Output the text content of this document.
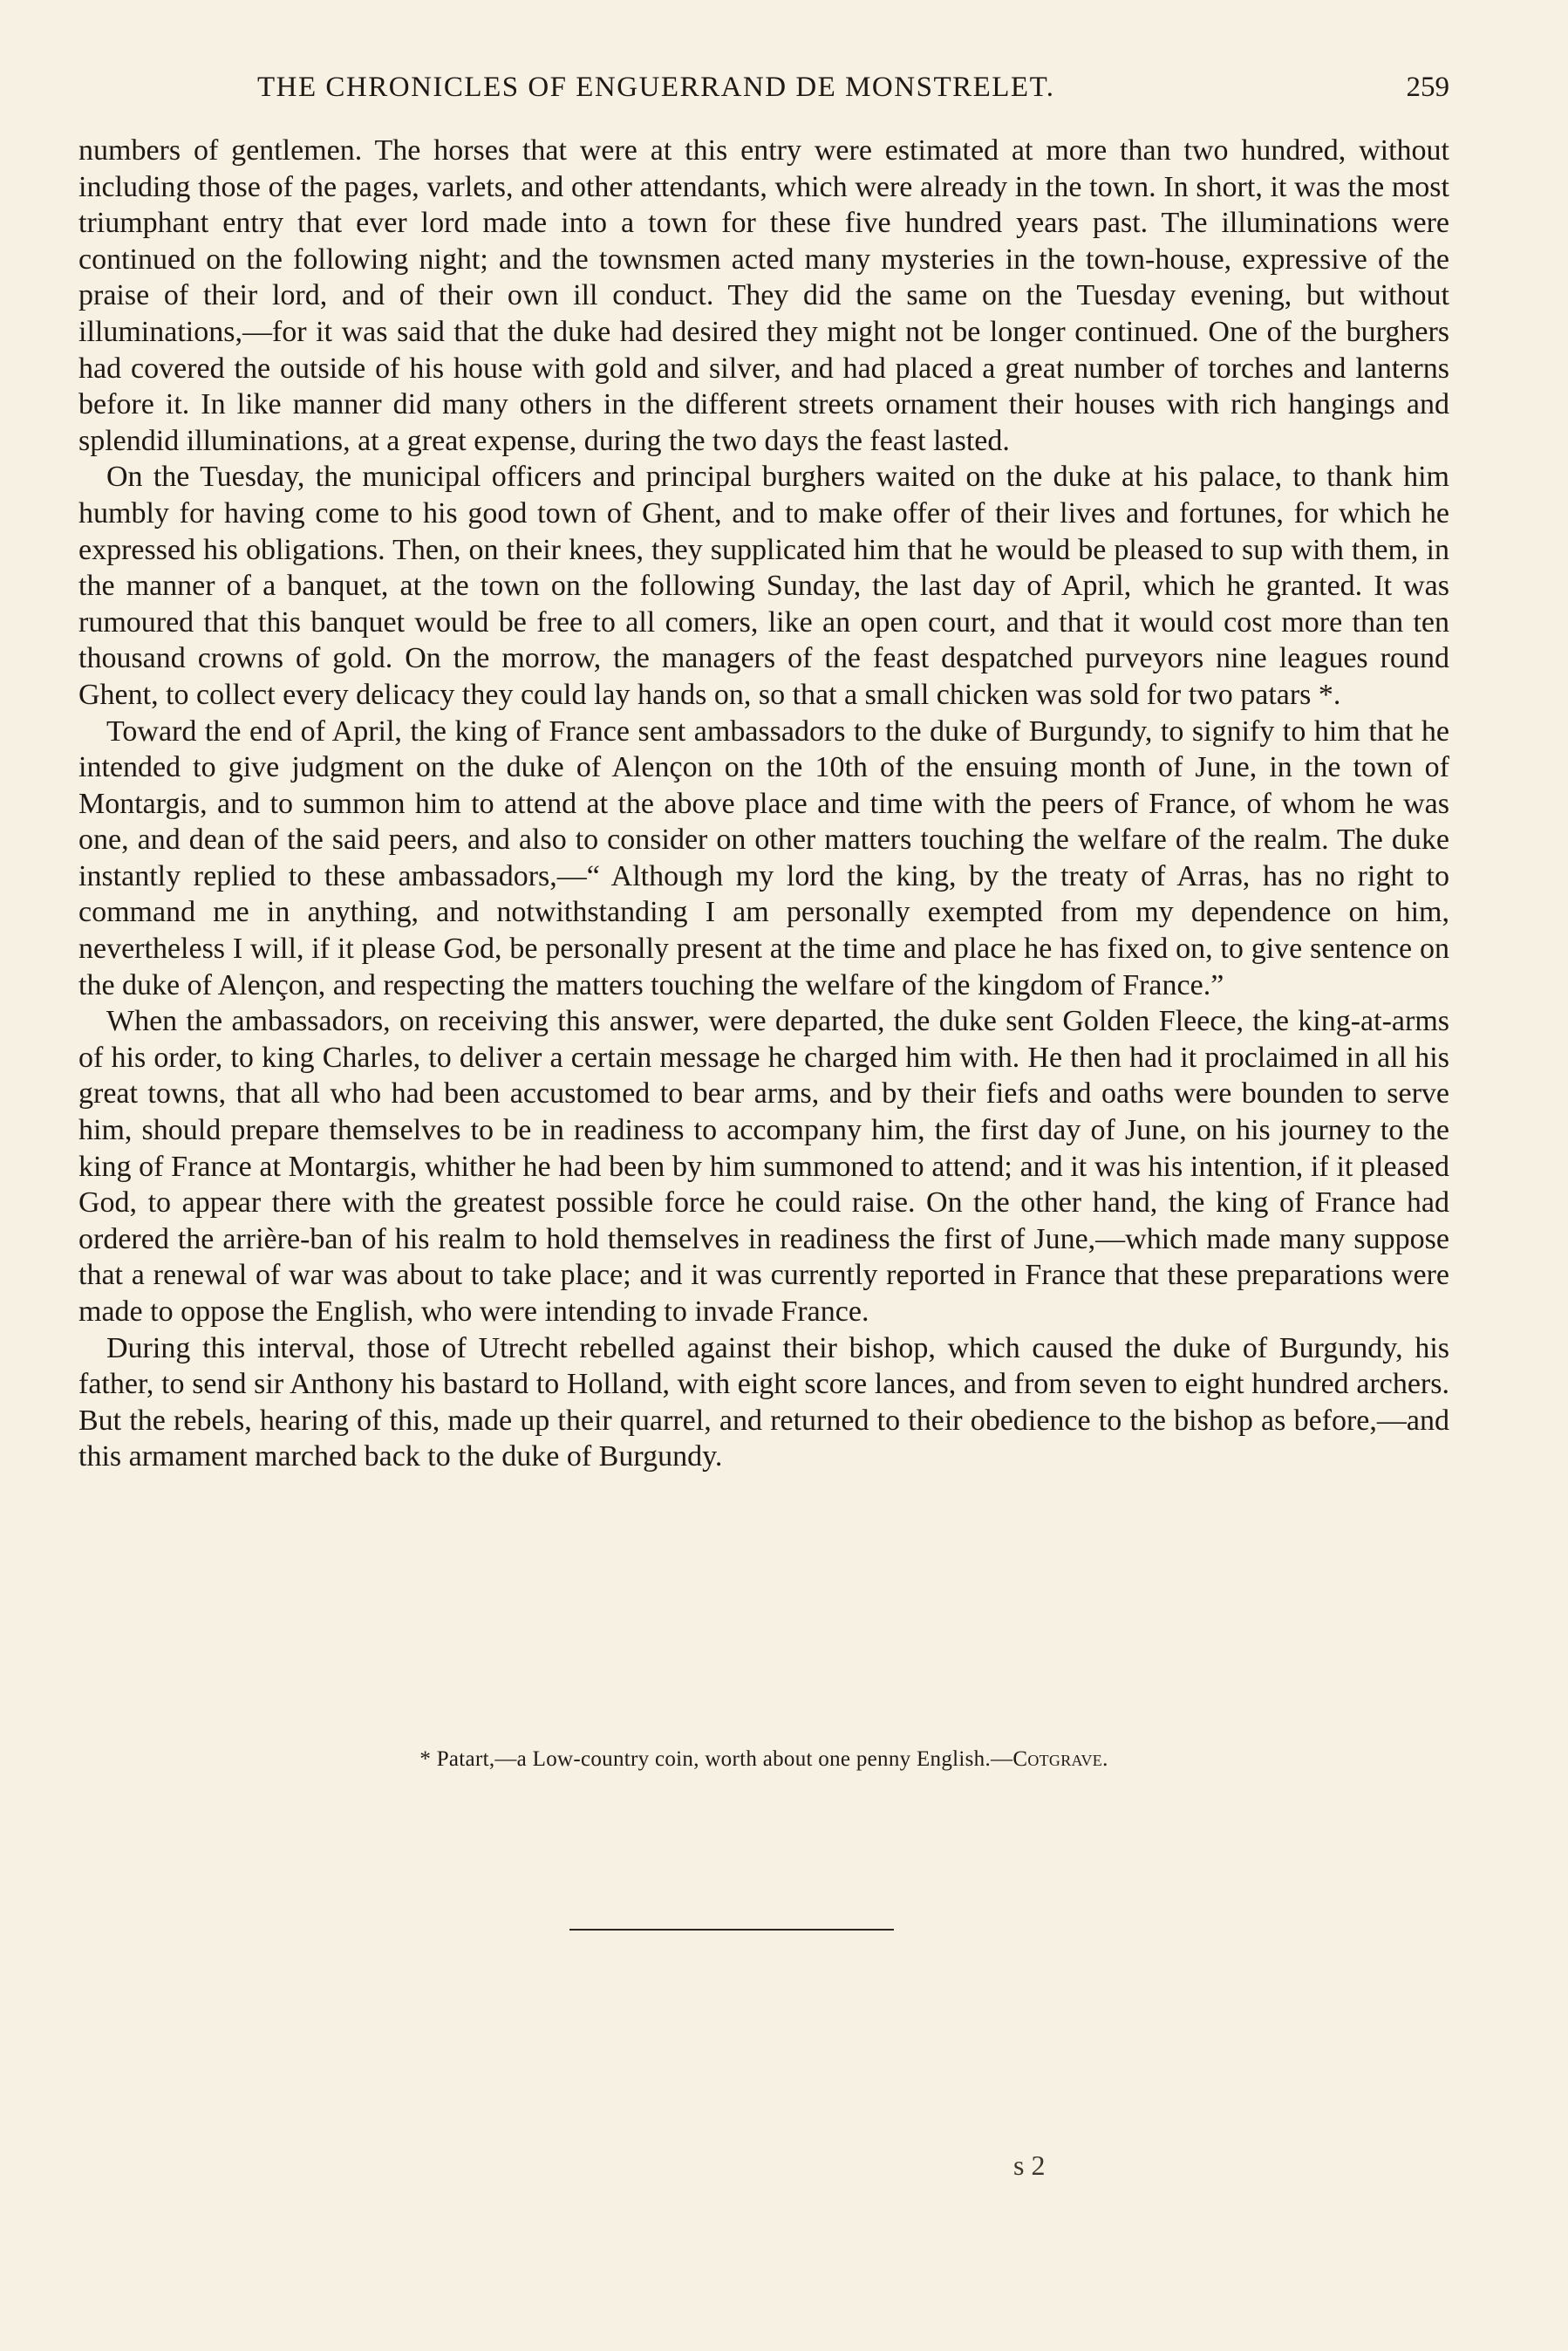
THE CHRONICLES OF ENGUERRAND DE MONSTRELET.	259

numbers of gentlemen. The horses that were at this entry were estimated at more than two hundred, without including those of the pages, varlets, and other attendants, which were already in the town. In short, it was the most triumphant entry that ever lord made into a town for these five hundred years past. The illuminations were continued on the following night; and the townsmen acted many mysteries in the town-house, expressive of the praise of their lord, and of their own ill conduct. They did the same on the Tuesday evening, but without illuminations,—for it was said that the duke had desired they might not be longer continued. One of the burghers had covered the outside of his house with gold and silver, and had placed a great number of torches and lanterns before it. In like manner did many others in the different streets ornament their houses with rich hangings and splendid illuminations, at a great expense, during the two days the feast lasted.

On the Tuesday, the municipal officers and principal burghers waited on the duke at his palace, to thank him humbly for having come to his good town of Ghent, and to make offer of their lives and fortunes, for which he expressed his obligations. Then, on their knees, they supplicated him that he would be pleased to sup with them, in the manner of a banquet, at the town on the following Sunday, the last day of April, which he granted. It was rumoured that this banquet would be free to all comers, like an open court, and that it would cost more than ten thousand crowns of gold. On the morrow, the managers of the feast despatched purveyors nine leagues round Ghent, to collect every delicacy they could lay hands on, so that a small chicken was sold for two patars *.

Toward the end of April, the king of France sent ambassadors to the duke of Burgundy, to signify to him that he intended to give judgment on the duke of Alençon on the 10th of the ensuing month of June, in the town of Montargis, and to summon him to attend at the above place and time with the peers of France, of whom he was one, and dean of the said peers, and also to consider on other matters touching the welfare of the realm. The duke instantly replied to these ambassadors,—“ Although my lord the king, by the treaty of Arras, has no right to command me in anything, and notwithstanding I am personally exempted from my dependence on him, nevertheless I will, if it please God, be personally present at the time and place he has fixed on, to give sentence on the duke of Alençon, and respecting the matters touching the welfare of the kingdom of France.”

When the ambassadors, on receiving this answer, were departed, the duke sent Golden Fleece, the king-at-arms of his order, to king Charles, to deliver a certain message he charged him with. He then had it proclaimed in all his great towns, that all who had been accustomed to bear arms, and by their fiefs and oaths were bounden to serve him, should prepare themselves to be in readiness to accompany him, the first day of June, on his journey to the king of France at Montargis, whither he had been by him summoned to attend; and it was his intention, if it pleased God, to appear there with the greatest possible force he could raise. On the other hand, the king of France had ordered the arrière-ban of his realm to hold themselves in readiness the first of June,—which made many suppose that a renewal of war was about to take place; and it was currently reported in France that these preparations were made to oppose the English, who were intending to invade France.

During this interval, those of Utrecht rebelled against their bishop, which caused the duke of Burgundy, his father, to send sir Anthony his bastard to Holland, with eight score lances, and from seven to eight hundred archers. But the rebels, hearing of this, made up their quarrel, and returned to their obedience to the bishop as before,—and this armament marched back to the duke of Burgundy.

* Patart,—a Low-country coin, worth about one penny English.—Cotgrave.
s 2
